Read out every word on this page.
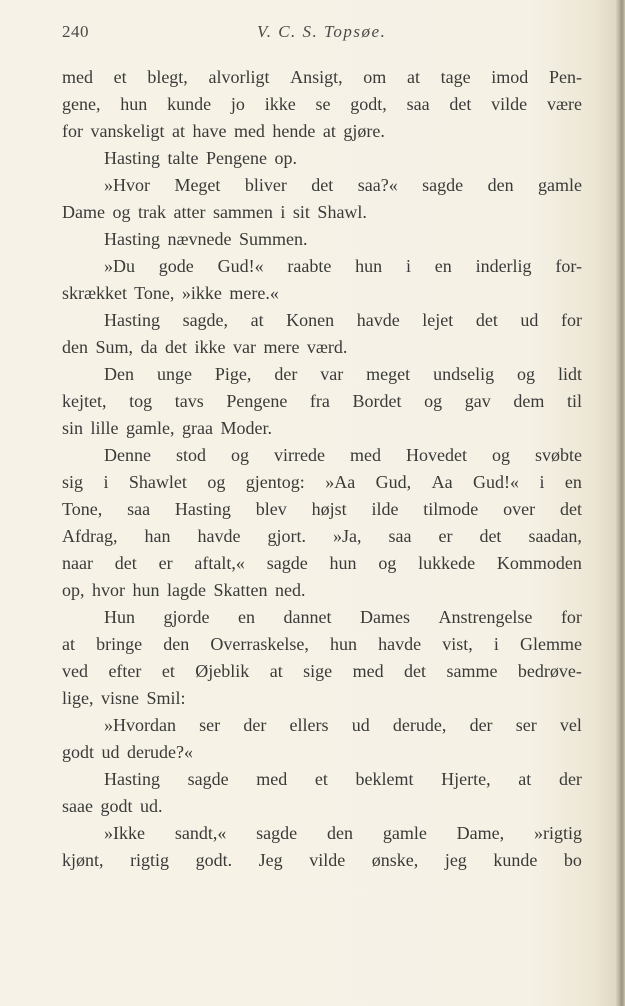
240	V. C. S. Topsøe.
med et blegt, alvorligt Ansigt, om at tage imod Pen-
gene, hun kunde jo ikke se godt, saa det vilde være
for vanskeligt at have med hende at gjøre.
Hasting talte Pengene op.
»Hvor Meget bliver det saa?« sagde den gamle
Dame og trak atter sammen i sit Shawl.
Hasting nævnede Summen.
»Du gode Gud!« raabte hun i en inderlig for-
skrækket Tone, »ikke mere.«
Hasting sagde, at Konen havde lejet det ud for
den Sum, da det ikke var mere værd.
Den unge Pige, der var meget undselig og lidt
kejtet, tog tavs Pengene fra Bordet og gav dem til
sin lille gamle, graa Moder.
Denne stod og virrede med Hovedet og svøbte
sig i Shawlet og gjentog: »Aa Gud, Aa Gud!« i en
Tone, saa Hasting blev højst ilde tilmode over det
Afdrag, han havde gjort. »Ja, saa er det saadan,
naar det er aftalt,« sagde hun og lukkede Kommoden
op, hvor hun lagde Skatten ned.
Hun gjorde en dannet Dames Anstrengelse for
at bringe den Overraskelse, hun havde vist, i Glemme
ved efter et Øjeblik at sige med det samme bedrøve-
lige, visne Smil:
»Hvordan ser der ellers ud derude, der ser vel
godt ud derude?«
Hasting sagde med et beklemt Hjerte, at der
saae godt ud.
»Ikke sandt,« sagde den gamle Dame, »rigtig
kjønt, rigtig godt. Jeg vilde ønske, jeg kunde bo
